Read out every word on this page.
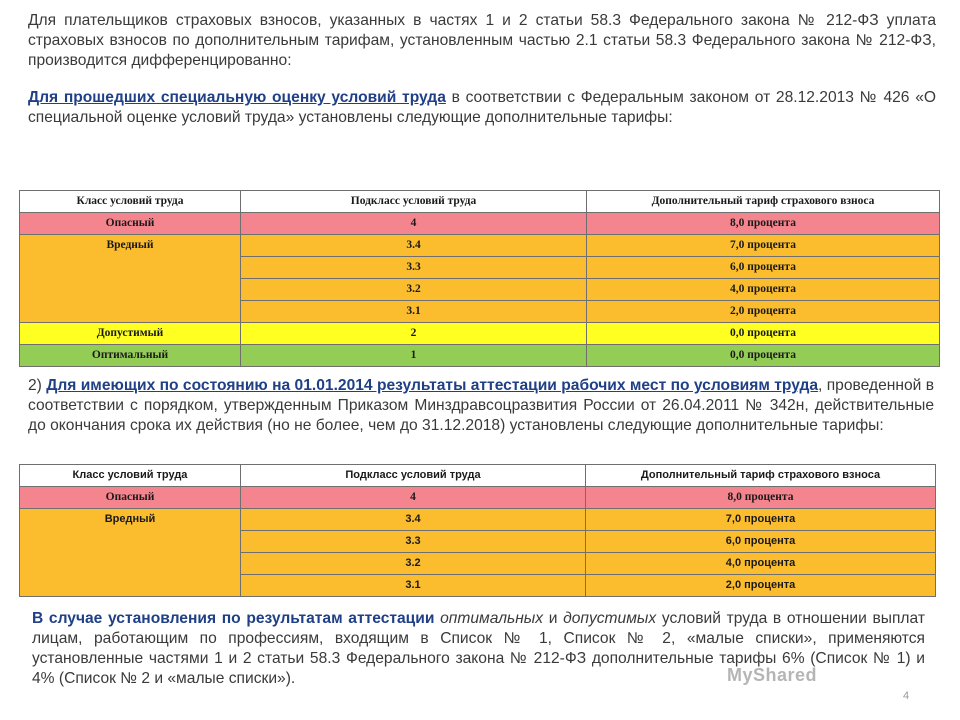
Для плательщиков страховых взносов, указанных в частях 1 и 2 статьи 58.3 Федерального закона № 212-ФЗ уплата страховых взносов по дополнительным тарифам, установленным частью 2.1 статьи 58.3 Федерального закона № 212-ФЗ, производится дифференцированно:

Для прошедших специальную оценку условий труда в соответствии с Федеральным законом от 28.12.2013 № 426 «О специальной оценке условий труда» установлены следующие дополнительные тарифы:

Класс условий труда	Подкласс условий труда	Дополнительный тариф страхового взноса
Опасный	4	8,0 процента
Вредный	3.4	7,0 процента
	3.3	6,0 процента
	3.2	4,0 процента
	3.1	2,0 процента
Допустимый	2	0,0 процента
Оптимальный	1	0,0 процента

2) Для имеющих по состоянию на 01.01.2014 результаты аттестации рабочих мест по условиям труда, проведенной в соответствии с порядком, утвержденным Приказом Минздравсоцразвития России от 26.04.2011 № 342н, действительные до окончания срока их действия (но не более, чем до 31.12.2018) установлены следующие дополнительные тарифы:

Класс условий труда	Подкласс условий труда	Дополнительный тариф страхового взноса
Опасный	4	8,0 процента
Вредный	3.4	7,0 процента
	3.3	6,0 процента
	3.2	4,0 процента
	3.1	2,0 процента

В случае установления по результатам аттестации оптимальных и допустимых условий труда в отношении выплат лицам, работающим по профессиям, входящим в Список № 1, Список № 2, «малые списки», применяются установленные частями 1 и 2 статьи 58.3 Федерального закона № 212-ФЗ дополнительные тарифы 6% (Список № 1) и 4% (Список № 2 и «малые списки»).	MyShared
4
